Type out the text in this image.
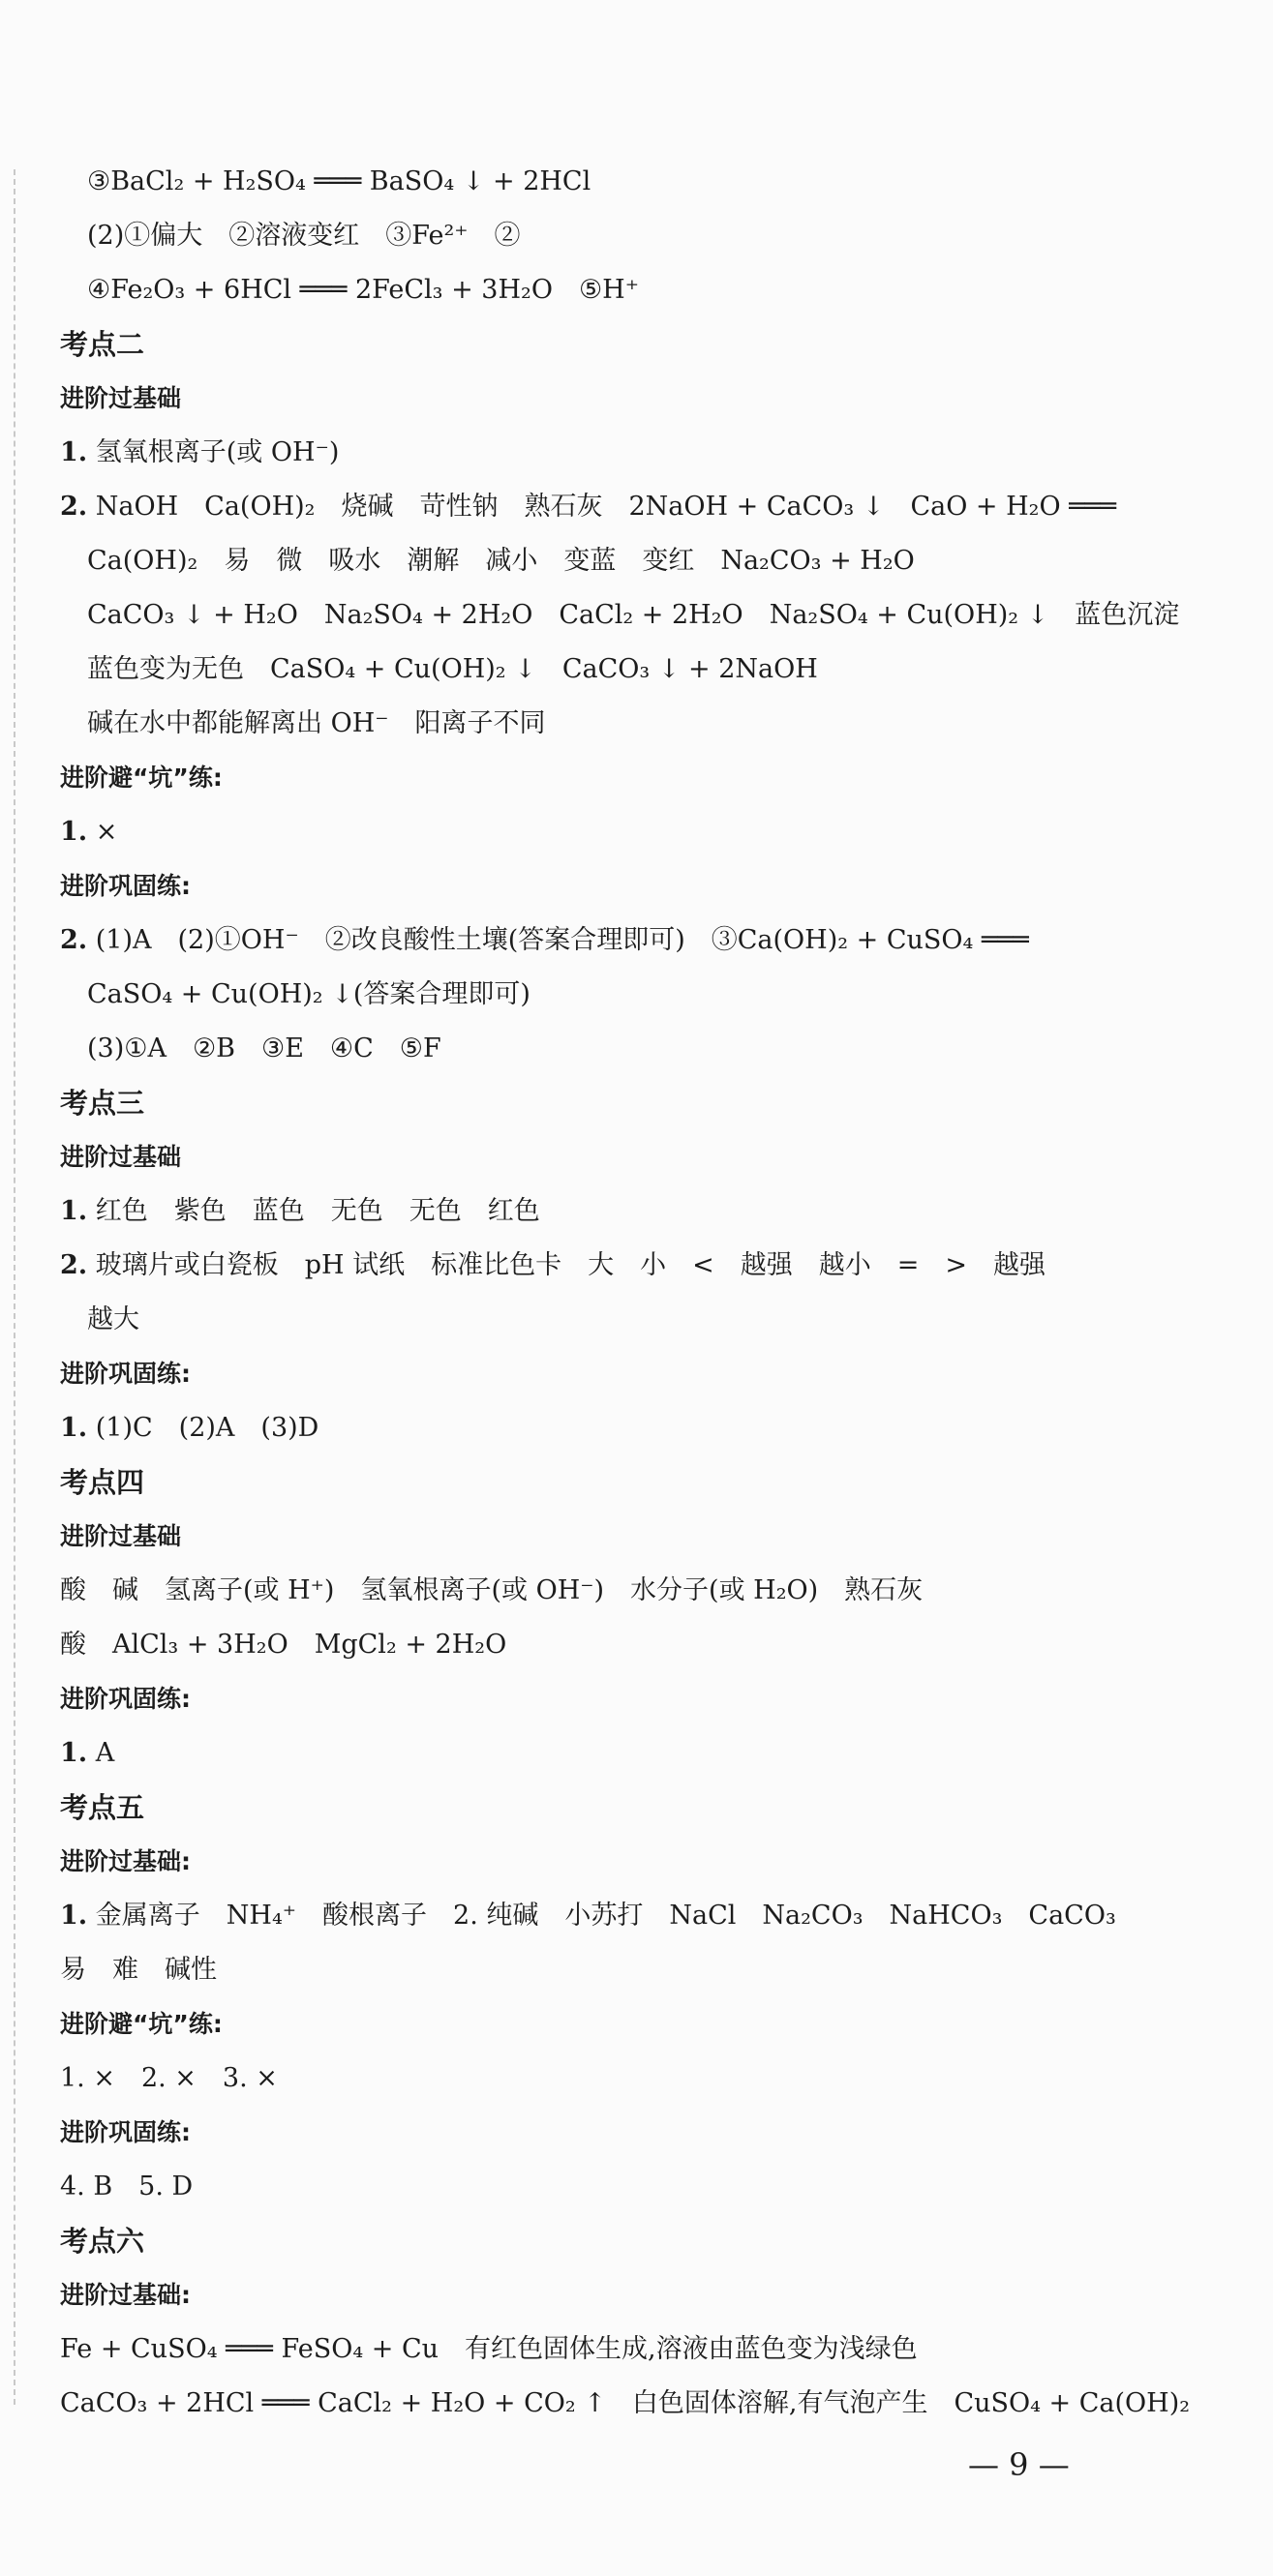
③BaCl₂ + H₂SO₄ ═══ BaSO₄ ↓ + 2HCl
(2)①偏大　②溶液变红　③Fe²⁺　②
④Fe₂O₃ + 6HCl ═══ 2FeCl₃ + 3H₂O　⑤H⁺
考点二
进阶过基础
1. 氢氧根离子(或 OH⁻)
2. NaOH　Ca(OH)₂　烧碱　苛性钠　熟石灰　2NaOH + CaCO₃ ↓　CaO + H₂O ═══
Ca(OH)₂　易　微　吸水　潮解　减小　变蓝　变红　Na₂CO₃ + H₂O
CaCO₃ ↓ + H₂O　Na₂SO₄ + 2H₂O　CaCl₂ + 2H₂O　Na₂SO₄ + Cu(OH)₂ ↓　蓝色沉淀
蓝色变为无色　CaSO₄ + Cu(OH)₂ ↓　CaCO₃ ↓ + 2NaOH
碱在水中都能解离出 OH⁻　阳离子不同
进阶避“坑”练:
1. ×
进阶巩固练:
2. (1)A　(2)①OH⁻　②改良酸性土壤(答案合理即可)　③Ca(OH)₂ + CuSO₄ ═══
CaSO₄ + Cu(OH)₂ ↓(答案合理即可)
(3)①A　②B　③E　④C　⑤F
考点三
进阶过基础
1. 红色　紫色　蓝色　无色　无色　红色
2. 玻璃片或白瓷板　pH 试纸　标准比色卡　大　小　<　越强　越小　=　>　越强
越大
进阶巩固练:
1. (1)C　(2)A　(3)D
考点四
进阶过基础
酸　碱　氢离子(或 H⁺)　氢氧根离子(或 OH⁻)　水分子(或 H₂O)　熟石灰
酸　AlCl₃ + 3H₂O　MgCl₂ + 2H₂O
进阶巩固练:
1. A
考点五
进阶过基础:
1. 金属离子　NH₄⁺　酸根离子　2. 纯碱　小苏打　NaCl　Na₂CO₃　NaHCO₃　CaCO₃
易　难　碱性
进阶避“坑”练:
1. ×　2. ×　3. ×
进阶巩固练:
4. B　5. D
考点六
进阶过基础:
Fe + CuSO₄ ═══ FeSO₄ + Cu　有红色固体生成,溶液由蓝色变为浅绿色
CaCO₃ + 2HCl ═══ CaCl₂ + H₂O + CO₂ ↑　白色固体溶解,有气泡产生　CuSO₄ + Ca(OH)₂
— 9 —
